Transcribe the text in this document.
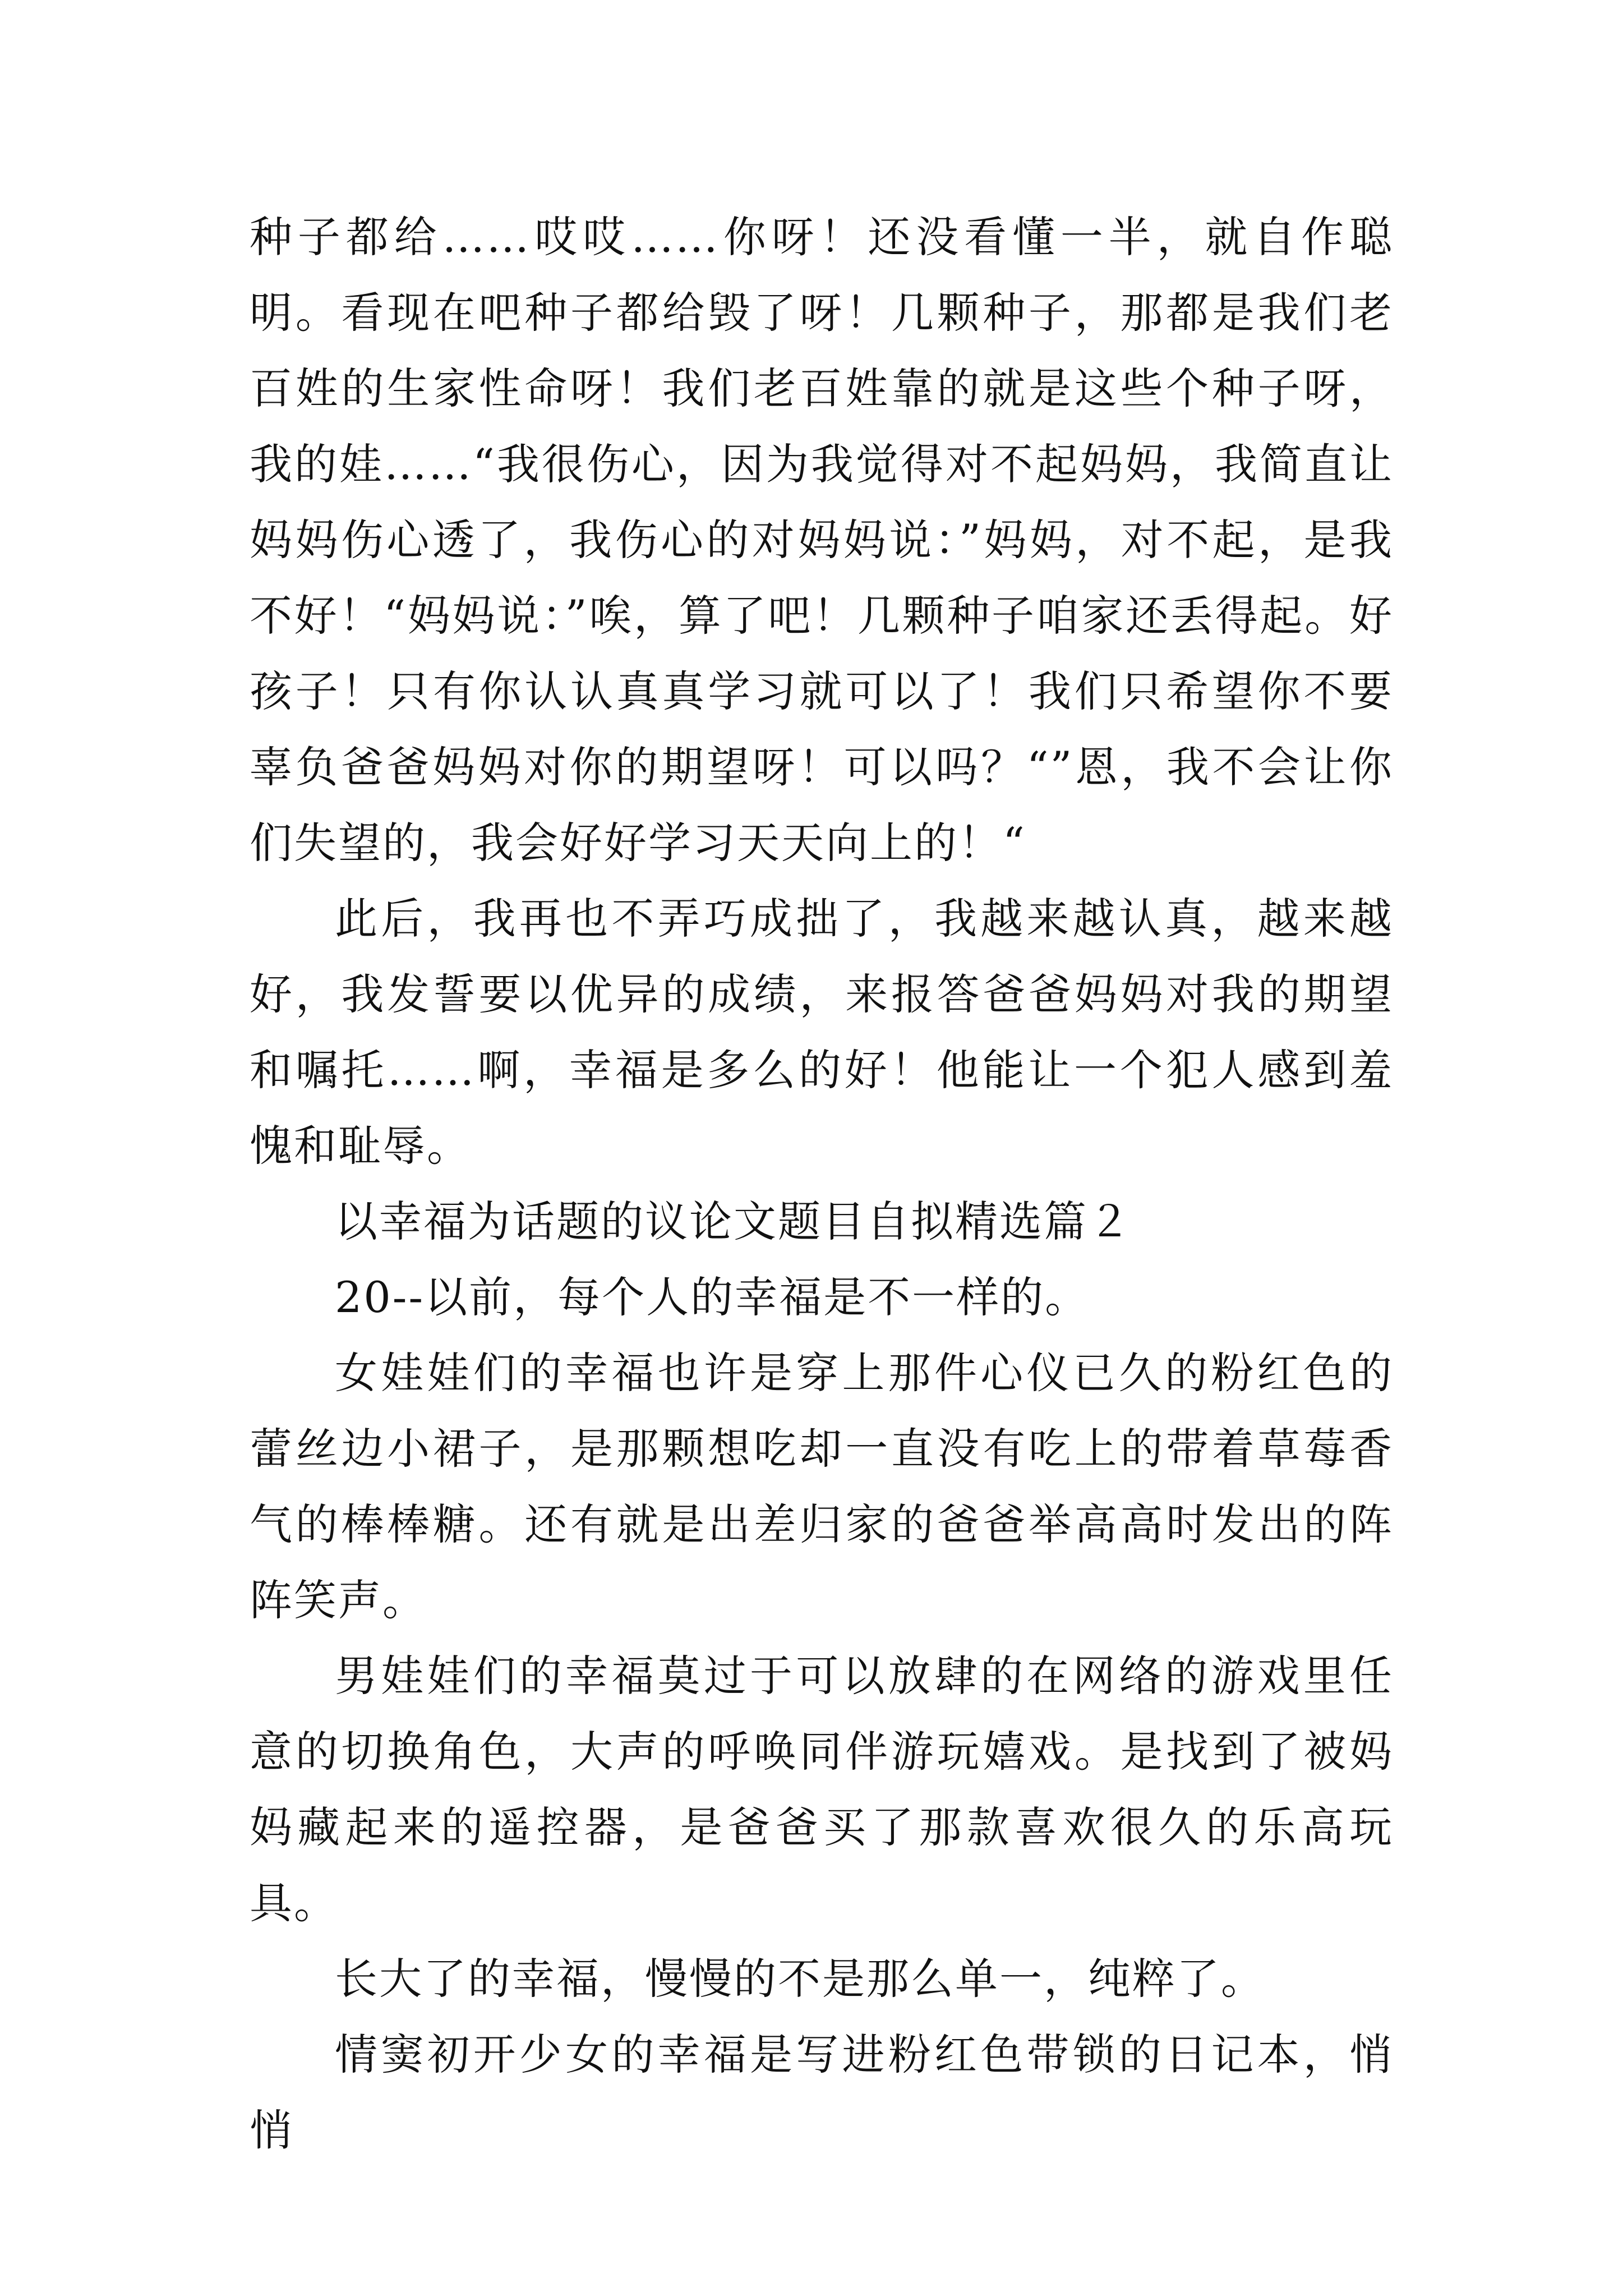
种子都给……哎哎……你呀！还没看懂一半，就自作聪明。看现在吧种子都给毁了呀！几颗种子，那都是我们老百姓的生家性命呀！我们老百姓靠的就是这些个种子呀，我的娃……“我很伤心，因为我觉得对不起妈妈，我简直让妈妈伤心透了，我伤心的对妈妈说：”妈妈，对不起，是我不好！“妈妈说：”唉，算了吧！几颗种子咱家还丢得起。好孩子！只有你认认真真学习就可以了！我们只希望你不要辜负爸爸妈妈对你的期望呀！可以吗？“”恩，我不会让你们失望的，我会好好学习天天向上的！“

此后，我再也不弄巧成拙了，我越来越认真，越来越好，我发誓要以优异的成绩，来报答爸爸妈妈对我的期望和嘱托……啊，幸福是多么的好！他能让一个犯人感到羞愧和耻辱。

以幸福为话题的议论文题目自拟精选篇２

20--以前，每个人的幸福是不一样的。

女娃娃们的幸福也许是穿上那件心仪已久的粉红色的蕾丝边小裙子，是那颗想吃却一直没有吃上的带着草莓香气的棒棒糖。还有就是出差归家的爸爸举高高时发出的阵阵笑声。

男娃娃们的幸福莫过于可以放肆的在网络的游戏里任意的切换角色，大声的呼唤同伴游玩嬉戏。是找到了被妈妈藏起来的遥控器，是爸爸买了那款喜欢很久的乐高玩具。

长大了的幸福，慢慢的不是那么单一，纯粹了。

情窦初开少女的幸福是写进粉红色带锁的日记本，悄悄
